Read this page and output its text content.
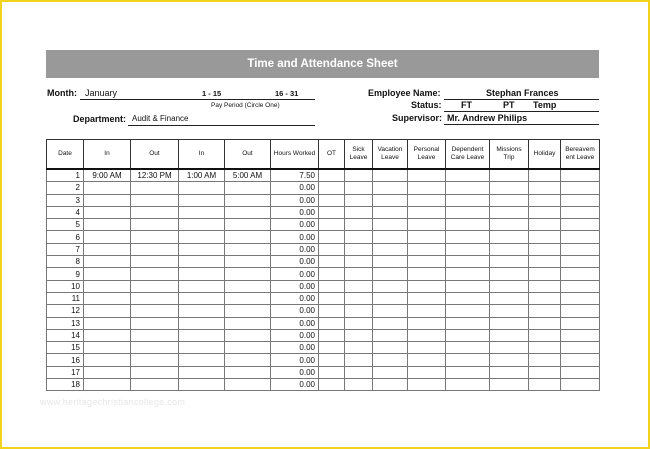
Time and Attendance Sheet
Month: January	1 - 15	16 - 31
Pay Period (Circle One)
Department: Audit & Finance
Employee Name:	Stephan Frances
Status: FT	PT Temp
Supervisor: Mr. Andrew Philips
Date	In	Out	In	Out	Hours Worked	OT	Sick Leave	Vacation Leave	Personal Leave	Dependent Care Leave	Missions Trip	Holiday	Bereavem ent Leave
1	9:00 AM	12:30 PM	1:00 AM	5:00 AM	7.50								
2					0.00								
3					0.00								
4					0.00								
5					0.00								
6					0.00								
7					0.00								
8					0.00								
9					0.00								
10					0.00								
11					0.00								
12					0.00								
13					0.00								
14					0.00								
15					0.00								
16					0.00								
17					0.00								
18					0.00								
www.heritagechristiancollege.com
